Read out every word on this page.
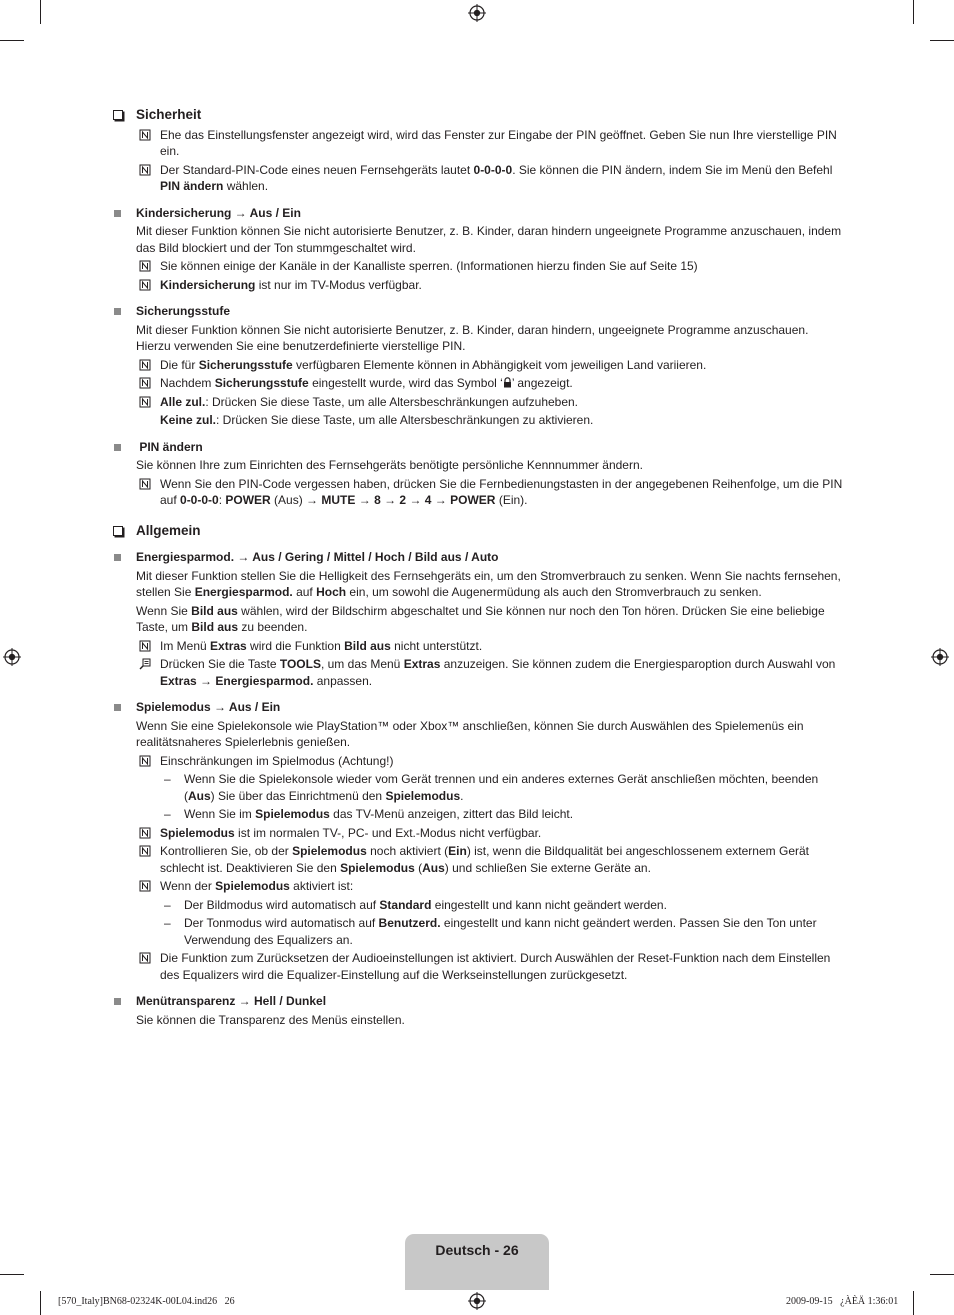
Sicherheit
Ehe das Einstellungsfenster angezeigt wird, wird das Fenster zur Eingabe der PIN geöffnet. Geben Sie nun Ihre vierstellige PIN ein.
Der Standard-PIN-Code eines neuen Fernsehgeräts lautet 0-0-0-0. Sie können die PIN ändern, indem Sie im Menü den Befehl PIN ändern wählen.
Kindersicherung → Aus / Ein
Mit dieser Funktion können Sie nicht autorisierte Benutzer, z. B. Kinder, daran hindern ungeeignete Programme anzuschauen, indem das Bild blockiert und der Ton stummgeschaltet wird.
Sie können einige der Kanäle in der Kanalliste sperren. (Informationen hierzu finden Sie auf Seite 15)
Kindersicherung ist nur im TV-Modus verfügbar.
Sicherungsstufe
Mit dieser Funktion können Sie nicht autorisierte Benutzer, z. B. Kinder, daran hindern, ungeeignete Programme anzuschauen. Hierzu verwenden Sie eine benutzerdefinierte vierstellige PIN.
Die für Sicherungsstufe verfügbaren Elemente können in Abhängigkeit vom jeweiligen Land variieren.
Nachdem Sicherungsstufe eingestellt wurde, wird das Symbol ‘ ’ angezeigt.
Alle zul.: Drücken Sie diese Taste, um alle Altersbeschränkungen aufzuheben.
Keine zul.: Drücken Sie diese Taste, um alle Altersbeschränkungen zu aktivieren.
PIN ändern
Sie können Ihre zum Einrichten des Fernsehgeräts benötigte persönliche Kennnummer ändern.
Wenn Sie den PIN-Code vergessen haben, drücken Sie die Fernbedienungstasten in der angegebenen Reihenfolge, um die PIN auf 0-0-0-0: POWER (Aus) → MUTE → 8 → 2 → 4 → POWER (Ein).
Allgemein
Energiesparmod. → Aus / Gering / Mittel / Hoch / Bild aus / Auto
Mit dieser Funktion stellen Sie die Helligkeit des Fernsehgeräts ein, um den Stromverbrauch zu senken. Wenn Sie nachts fernsehen, stellen Sie Energiesparmod. auf Hoch ein, um sowohl die Augenermüdung als auch den Stromverbrauch zu senken.
Wenn Sie Bild aus wählen, wird der Bildschirm abgeschaltet und Sie können nur noch den Ton hören. Drücken Sie eine beliebige Taste, um Bild aus zu beenden.
Im Menü Extras wird die Funktion Bild aus nicht unterstützt.
Drücken Sie die Taste TOOLS, um das Menü Extras anzuzeigen. Sie können zudem die Energiesparoption durch Auswahl von Extras → Energiesparmod. anpassen.
Spielemodus → Aus / Ein
Wenn Sie eine Spielekonsole wie PlayStation™ oder Xbox™ anschließen, können Sie durch Auswählen des Spielemenüs ein realitätsnaheres Spielerlebnis genießen.
Einschränkungen im Spielmodus (Achtung!)
– Wenn Sie die Spielekonsole wieder vom Gerät trennen und ein anderes externes Gerät anschließen möchten, beenden (Aus) Sie über das Einrichtmenü den Spielemodus.
– Wenn Sie im Spielemodus das TV-Menü anzeigen, zittert das Bild leicht.
Spielemodus ist im normalen TV-, PC- und Ext.-Modus nicht verfügbar.
Kontrollieren Sie, ob der Spielemodus noch aktiviert (Ein) ist, wenn die Bildqualität bei angeschlossenem externem Gerät schlecht ist. Deaktivieren Sie den Spielemodus (Aus) und schließen Sie externe Geräte an.
Wenn der Spielemodus aktiviert ist:
– Der Bildmodus wird automatisch auf Standard eingestellt und kann nicht geändert werden.
– Der Tonmodus wird automatisch auf Benutzerd. eingestellt und kann nicht geändert werden. Passen Sie den Ton unter Verwendung des Equalizers an.
Die Funktion zum Zurücksetzen der Audioeinstellungen ist aktiviert. Durch Auswählen der Reset-Funktion nach dem Einstellen des Equalizers wird die Equalizer-Einstellung auf die Werkseinstellungen zurückgesetzt.
Menütransparenz → Hell / Dunkel
Sie können die Transparenz des Menüs einstellen.
Deutsch - 26
[570_Italy]BN68-02324K-00L04.ind26   26	2009-09-15   ¿ÀÈÄ 1:36:01
